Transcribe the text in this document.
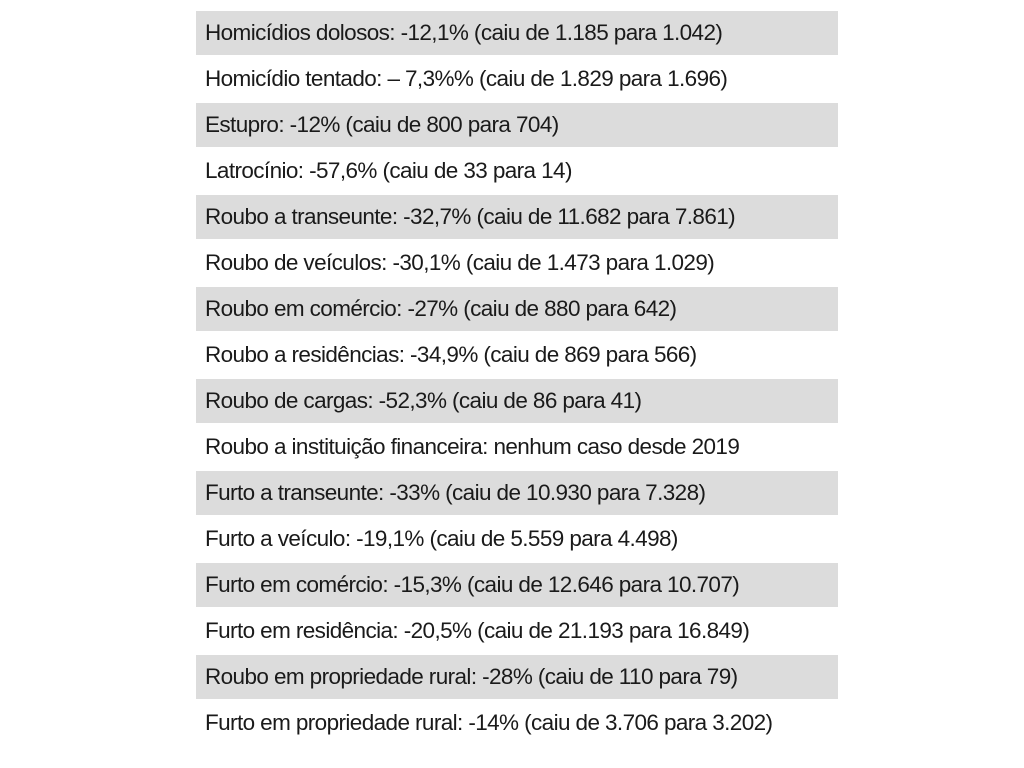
Homicídios dolosos: -12,1% (caiu de 1.185 para 1.042)
Homicídio tentado: – 7,3%% (caiu de 1.829 para 1.696)
Estupro: -12% (caiu de 800 para 704)
Latrocínio: -57,6% (caiu de 33 para 14)
Roubo a transeunte: -32,7% (caiu de 11.682 para 7.861)
Roubo de veículos: -30,1% (caiu de 1.473 para 1.029)
Roubo em comércio: -27% (caiu de 880 para 642)
Roubo a residências: -34,9% (caiu de 869 para 566)
Roubo de cargas: -52,3% (caiu de 86 para 41)
Roubo a instituição financeira: nenhum caso desde 2019
Furto a transeunte: -33% (caiu de 10.930 para 7.328)
Furto a veículo: -19,1% (caiu de 5.559 para 4.498)
Furto em comércio: -15,3% (caiu de 12.646 para 10.707)
Furto em residência: -20,5% (caiu de 21.193 para 16.849)
Roubo em propriedade rural: -28% (caiu de 110 para 79)
Furto em propriedade rural: -14% (caiu de 3.706 para 3.202)
